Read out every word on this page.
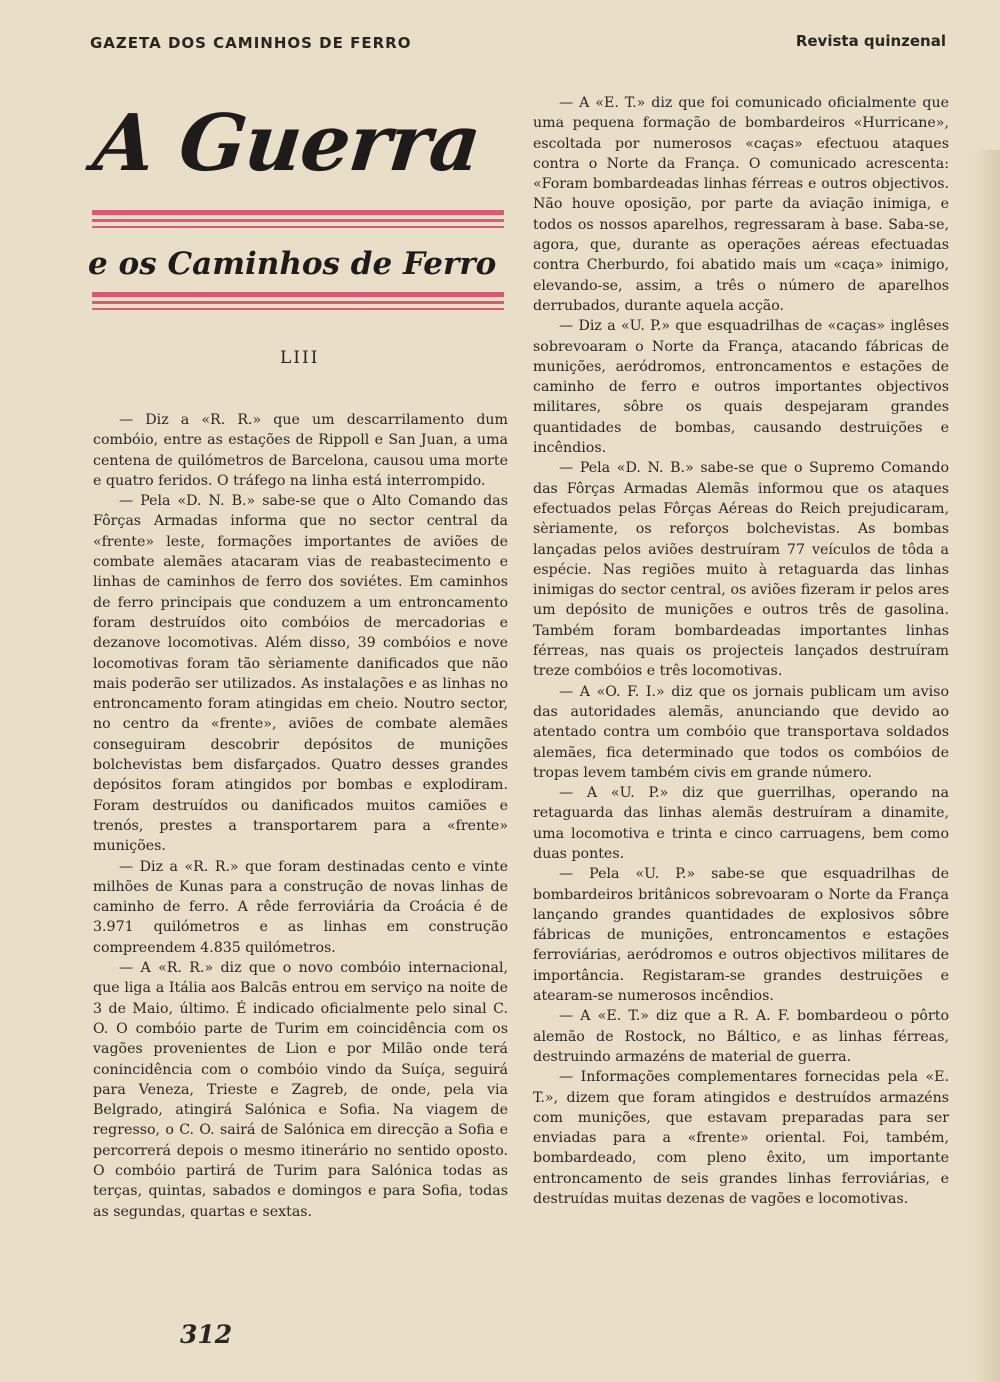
GAZETA DOS CAMINHOS DE FERRO	Revista quinzenal
A Guerra
e os Caminhos de Ferro
LIII

— Diz a «R. R.» que um descarrilamento dum combóio, entre as estações de Rippoll e San Juan, a uma centena de quilómetros de Barcelona, causou uma morte e quatro feridos. O tráfego na linha está interrompido.

— Pela «D. N. B.» sabe-se que o Alto Comando das Fôrças Armadas informa que no sector central da «frente» leste, formações importantes de aviões de combate alemães atacaram vias de reabastecimento e linhas de caminhos de ferro dos soviétes. Em caminhos de ferro principais que conduzem a um entroncamento foram destruídos oito combóios de mercadorias e dezanove locomotivas. Além disso, 39 combóios e nove locomotivas foram tão sèriamente danificados que não mais poderão ser utilizados. As instalações e as linhas no entroncamento foram atingidas em cheio. Noutro sector, no centro da «frente», aviões de combate alemães conseguiram descobrir depósitos de munições bolchevistas bem disfarçados. Quatro desses grandes depósitos foram atingidos por bombas e explodiram. Foram destruídos ou danificados muitos camiões e trenós, prestes a transportarem para a «frente» munições.

— Diz a «R. R.» que foram destinadas cento e vinte milhões de Kunas para a construção de novas linhas de caminho de ferro. A rêde ferroviária da Croácia é de 3.971 quilómetros e as linhas em construção compreendem 4.835 quilómetros.

— A «R. R.» diz que o novo combóio internacional, que liga a Itália aos Balcãs entrou em serviço na noite de 3 de Maio, último. É indicado oficialmente pelo sinal C. O. O combóio parte de Turim em coincidência com os vagões provenientes de Lion e por Milão onde terá conincidência com o combóio vindo da Suíça, seguirá para Veneza, Trieste e Zagreb, de onde, pela via Belgrado, atingirá Salónica e Sofia. Na viagem de regresso, o C. O. sairá de Salónica em direcção a Sofia e percorrerá depois o mesmo itinerário no sentido oposto. O combóio partirá de Turim para Salónica todas as terças, quintas, sabados e domingos e para Sofia, todas as segundas, quartas e sextas.

— A «E. T.» diz que foi comunicado oficialmente que uma pequena formação de bombardeiros «Hurricane», escoltada por numerosos «caças» efectuou ataques contra o Norte da França. O comunicado acrescenta: «Foram bombardeadas linhas férreas e outros objectivos. Não houve oposição, por parte da aviação inimiga, e todos os nossos aparelhos, regressaram à base. Saba-se, agora, que, durante as operações aéreas efectuadas contra Cherburdo, foi abatido mais um «caça» inimigo, elevando-se, assim, a três o número de aparelhos derrubados, durante aquela acção.

— Diz a «U. P.» que esquadrilhas de «caças» inglêses sobrevoaram o Norte da França, atacando fábricas de munições, aeródromos, entroncamentos e estações de caminho de ferro e outros importantes objectivos militares, sôbre os quais despejaram grandes quantidades de bombas, causando destruições e incêndios.

— Pela «D. N. B.» sabe-se que o Supremo Comando das Fôrças Armadas Alemãs informou que os ataques efectuados pelas Fôrças Aéreas do Reich prejudicaram, sèriamente, os reforços bolchevistas. As bombas lançadas pelos aviões destruíram 77 veículos de tôda a espécie. Nas regiões muito à retaguarda das linhas inimigas do sector central, os aviões fizeram ir pelos ares um depósito de munições e outros três de gasolina. Também foram bombardeadas importantes linhas férreas, nas quais os projecteis lançados destruíram treze combóios e três locomotivas.

— A «O. F. I.» diz que os jornais publicam um aviso das autoridades alemãs, anunciando que devido ao atentado contra um combóio que transportava soldados alemães, fica determinado que todos os combóios de tropas levem também civis em grande número.

— A «U. P.» diz que guerrilhas, operando na retaguarda das linhas alemãs destruíram a dinamite, uma locomotiva e trinta e cinco carruagens, bem como duas pontes.

— Pela «U. P.» sabe-se que esquadrilhas de bombardeiros britânicos sobrevoaram o Norte da França lançando grandes quantidades de explosivos sôbre fábricas de munições, entroncamentos e estações ferroviárias, aeródromos e outros objectivos militares de importância. Registaram-se grandes destruições e atearam-se numerosos incêndios.

— A «E. T.» diz que a R. A. F. bombardeou o pôrto alemão de Rostock, no Báltico, e as linhas férreas, destruindo armazéns de material de guerra.

— Informações complementares fornecidas pela «E. T.», dizem que foram atingidos e destruídos armazéns com munições, que estavam preparadas para ser enviadas para a «frente» oriental. Foi, também, bombardeado, com pleno êxito, um importante entroncamento de seis grandes linhas ferroviárias, e destruídas muitas dezenas de vagões e locomotivas.

312
